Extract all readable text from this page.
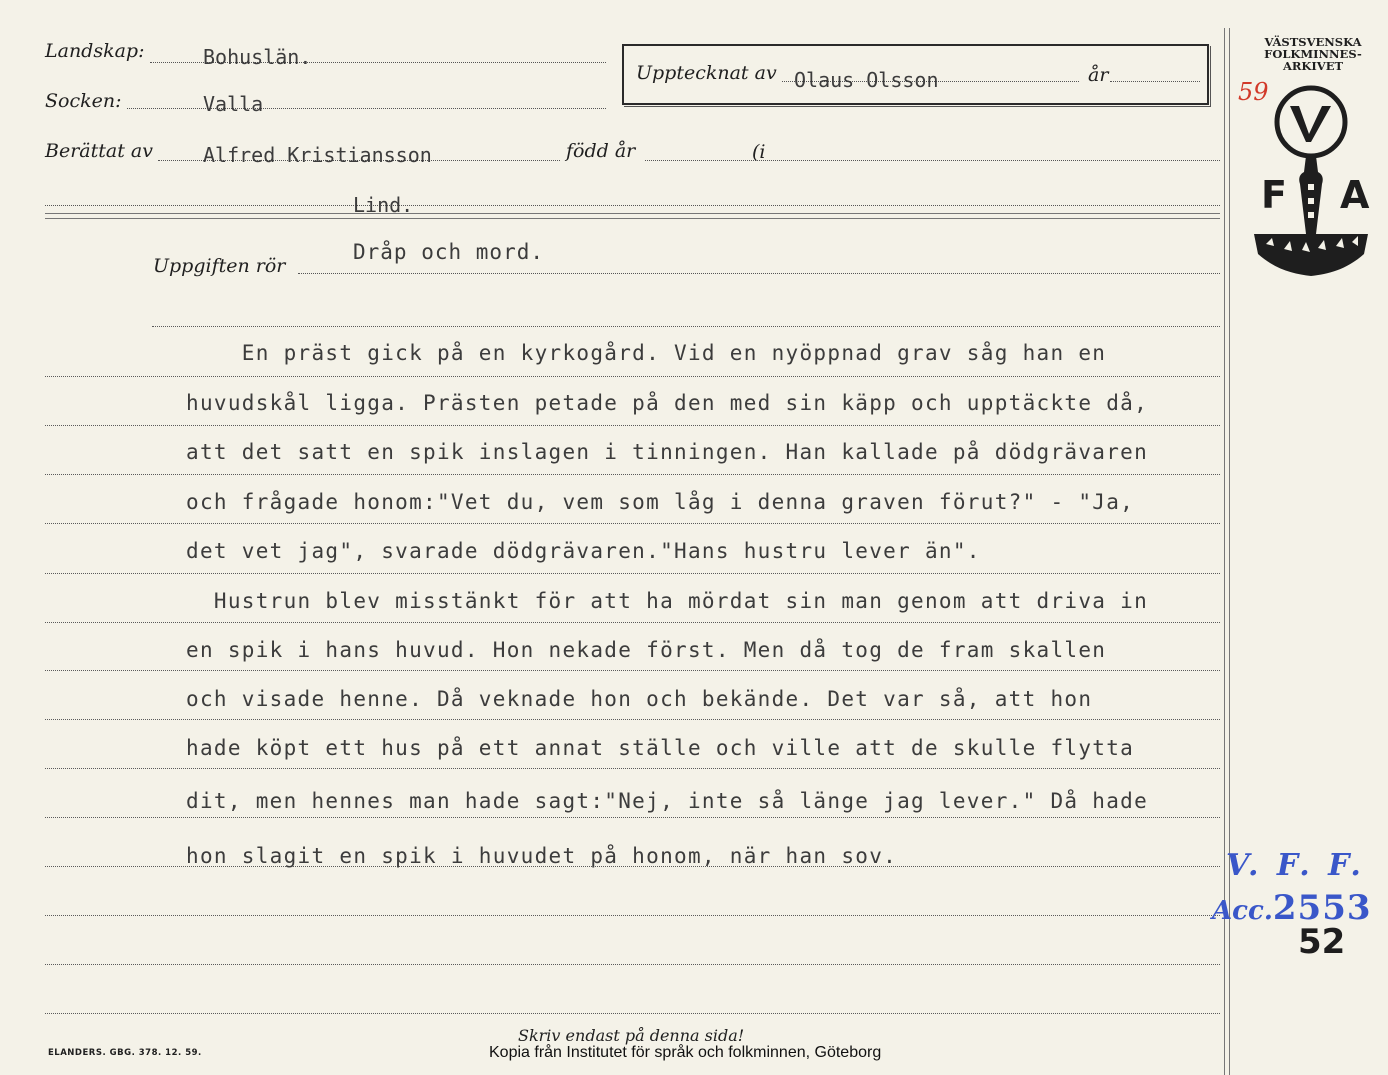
Landskap:	Bohuslän.
Socken:	Valla
Berättat av	Alfred Kristiansson	född år	(i
Lind.
Upptecknat av Olaus Olsson	år
Uppgiften rör
Dråp och mord.
En präst gick på en kyrkogård. Vid en nyöppnad grav såg han en
huvudskål ligga. Prästen petade på den med sin käpp och upptäckte då,
att det satt en spik inslagen i tinningen. Han kallade på dödgrävaren
och frågade honom:"Vet du, vem som låg i denna graven förut?" - "Ja,
det vet jag", svarade dödgrävaren."Hans hustru lever än".
Hustrun blev misstänkt för att ha mördat sin man genom att driva in
en spik i hans huvud. Hon nekade först. Men då tog de fram skallen
och visade henne. Då veknade hon och bekände. Det var så, att hon
hade köpt ett hus på ett annat ställe och ville att de skulle flytta
dit, men hennes man hade sagt:"Nej, inte så länge jag lever." Då hade
hon slagit en spik i huvudet på honom, när han sov.
VÄSTSVENSKA
FOLKMINNES-
ARKIVET
F A
59
V. F. F.
Acc.2553
52
Skriv endast på denna sida!
ELANDERS. GBG. 378. 12. 59.	Kopia från Institutet för språk och folkminnen, Göteborg
